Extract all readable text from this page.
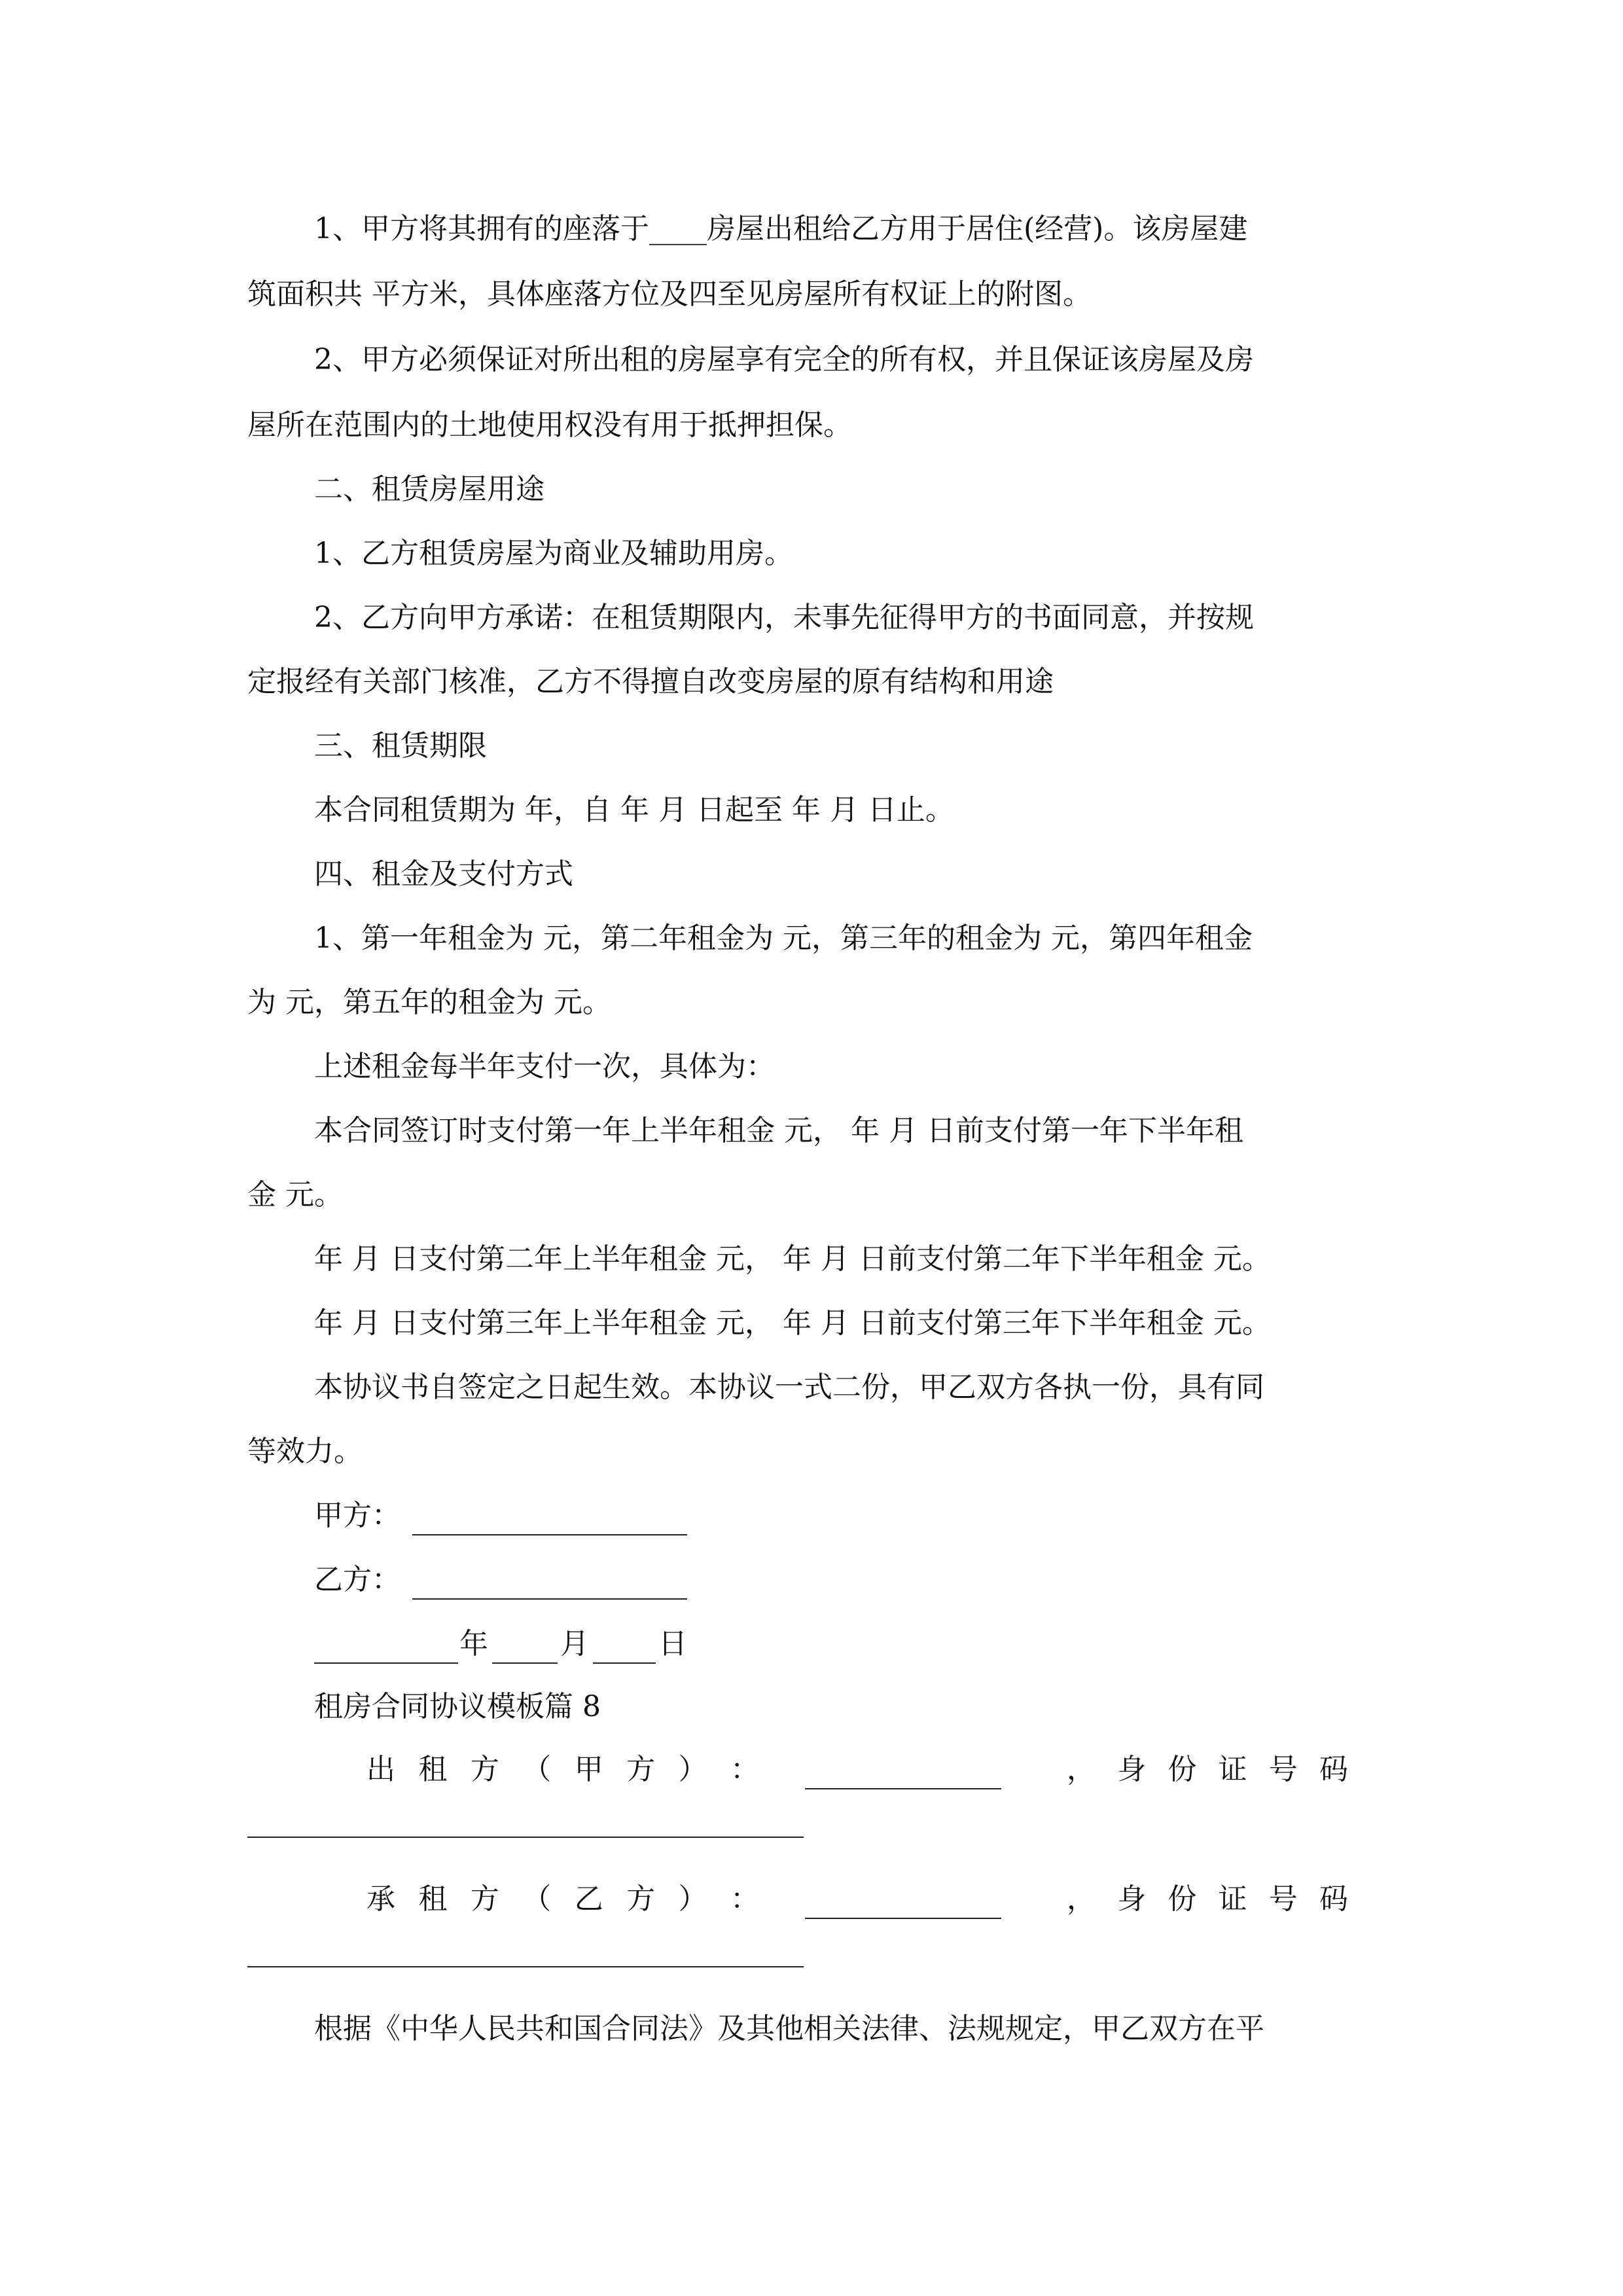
1、甲方将其拥有的座落于____房屋出租给乙方用于居住(经营)。该房屋建
筑面积共 平方米，具体座落方位及四至见房屋所有权证上的附图。
2、甲方必须保证对所出租的房屋享有完全的所有权，并且保证该房屋及房
屋所在范围内的土地使用权没有用于抵押担保。
二、租赁房屋用途
1、乙方租赁房屋为商业及辅助用房。
2、乙方向甲方承诺：在租赁期限内，未事先征得甲方的书面同意，并按规
定报经有关部门核准，乙方不得擅自改变房屋的原有结构和用途
三、租赁期限
本合同租赁期为 年，自 年 月 日起至 年 月 日止。
四、租金及支付方式
1、第一年租金为 元，第二年租金为 元，第三年的租金为 元，第四年租金
为 元，第五年的租金为 元。
上述租金每半年支付一次，具体为：
本合同签订时支付第一年上半年租金 元， 年 月 日前支付第一年下半年租
金 元。
年 月 日支付第二年上半年租金 元， 年 月 日前支付第二年下半年租金 元。
年 月 日支付第三年上半年租金 元， 年 月 日前支付第三年下半年租金 元。
本协议书自签定之日起生效。本协议一式二份，甲乙双方各执一份，具有同
等效力。
甲方：
乙方：
年	月 日
租房合同协议模板篇 8
出 租 方 （ 甲 方 ） ：	， 身 份 证 号 码
承 租 方 （ 乙 方 ） ：	， 身 份 证 号 码
根据《中华人民共和国合同法》及其他相关法律、法规规定，甲乙双方在平
